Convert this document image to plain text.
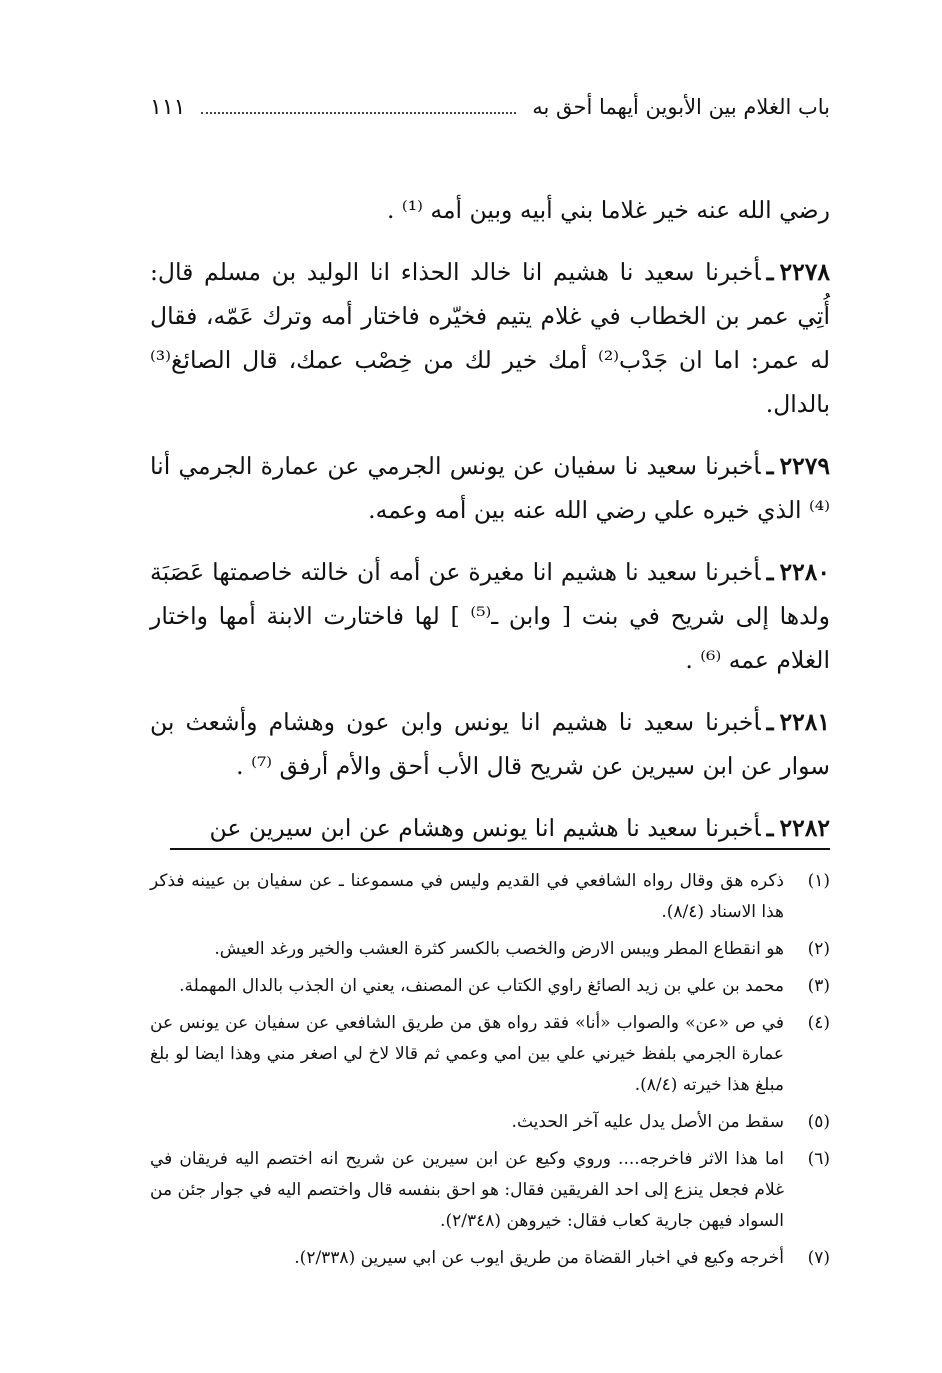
باب الغلام بين الأبوين أيهما أحق به
١١١

رضي الله عنه خير غلاما بني أبيه وبين أمه ⁽¹⁾ .

٢٢٧٨ـأخبرنا سعيد نا هشيم انا خالد الحذاء انا الوليد بن مسلم قال: أُتِي عمر بن الخطاب في غلام يتيم فخيّره فاختار أمه وترك عَمّه، فقال له عمر: اما ان جَدْب⁽²⁾ أمك خير لك من خِصْب عمك، قال الصائغ⁽³⁾ بالدال.

٢٢٧٩ـأخبرنا سعيد نا سفيان عن يونس الجرمي عن عمارة الجرمي أنا ⁽⁴⁾ الذي خيره علي رضي الله عنه بين أمه وعمه.

٢٢٨٠ـأخبرنا سعيد نا هشيم انا مغيرة عن أمه أن خالته خاصمتها عَصَبَة ولدها إلى شريح في بنت [ وابن ـ⁽⁵⁾ ] لها فاختارت الابنة أمها واختار الغلام عمه ⁽⁶⁾ .

٢٢٨١ـأخبرنا سعيد نا هشيم انا يونس وابن عون وهشام وأشعث بن سوار عن ابن سيرين عن شريح قال الأب أحق والأم أرفق ⁽⁷⁾ .

٢٢٨٢ـأخبرنا سعيد نا هشيم انا يونس وهشام عن ابن سيرين عن

(١)
ذكره هق وقال رواه الشافعي في القديم وليس في مسموعنا ـ عن سفيان بن عيينه فذكر هذا الاسناد (٨/٤).
(٢)
هو انقطاع المطر ويبس الارض والخصب بالكسر كثرة العشب والخير ورغد العيش.
(٣)
محمد بن علي بن زيد الصائغ راوي الكتاب عن المصنف، يعني ان الجذب بالدال المهملة.
(٤)
في ص «عن» والصواب «أنا» فقد رواه هق من طريق الشافعي عن سفيان عن يونس عن عمارة الجرمي بلفظ خيرني علي بين امي وعمي ثم قالا لاخ لي اصغر مني وهذا ايضا لو بلغ مبلغ هذا خيرته (٨/٤).
(٥)
سقط من الأصل يدل عليه آخر الحديث.
(٦)
اما هذا الاثر فاخرجه.... وروي وكيع عن ابن سيرين عن شريح انه اختصم اليه فريقان في غلام فجعل ينزع إلى احد الفريقين فقال: هو احق بنفسه قال واختصم اليه في جوار جئن من السواد فيهن جارية كعاب فقال: خيروهن (٢/٣٤٨).
(٧)
أخرجه وكيع في اخبار القضاة من طريق ايوب عن ابي سيرين (٢/٣٣٨).
